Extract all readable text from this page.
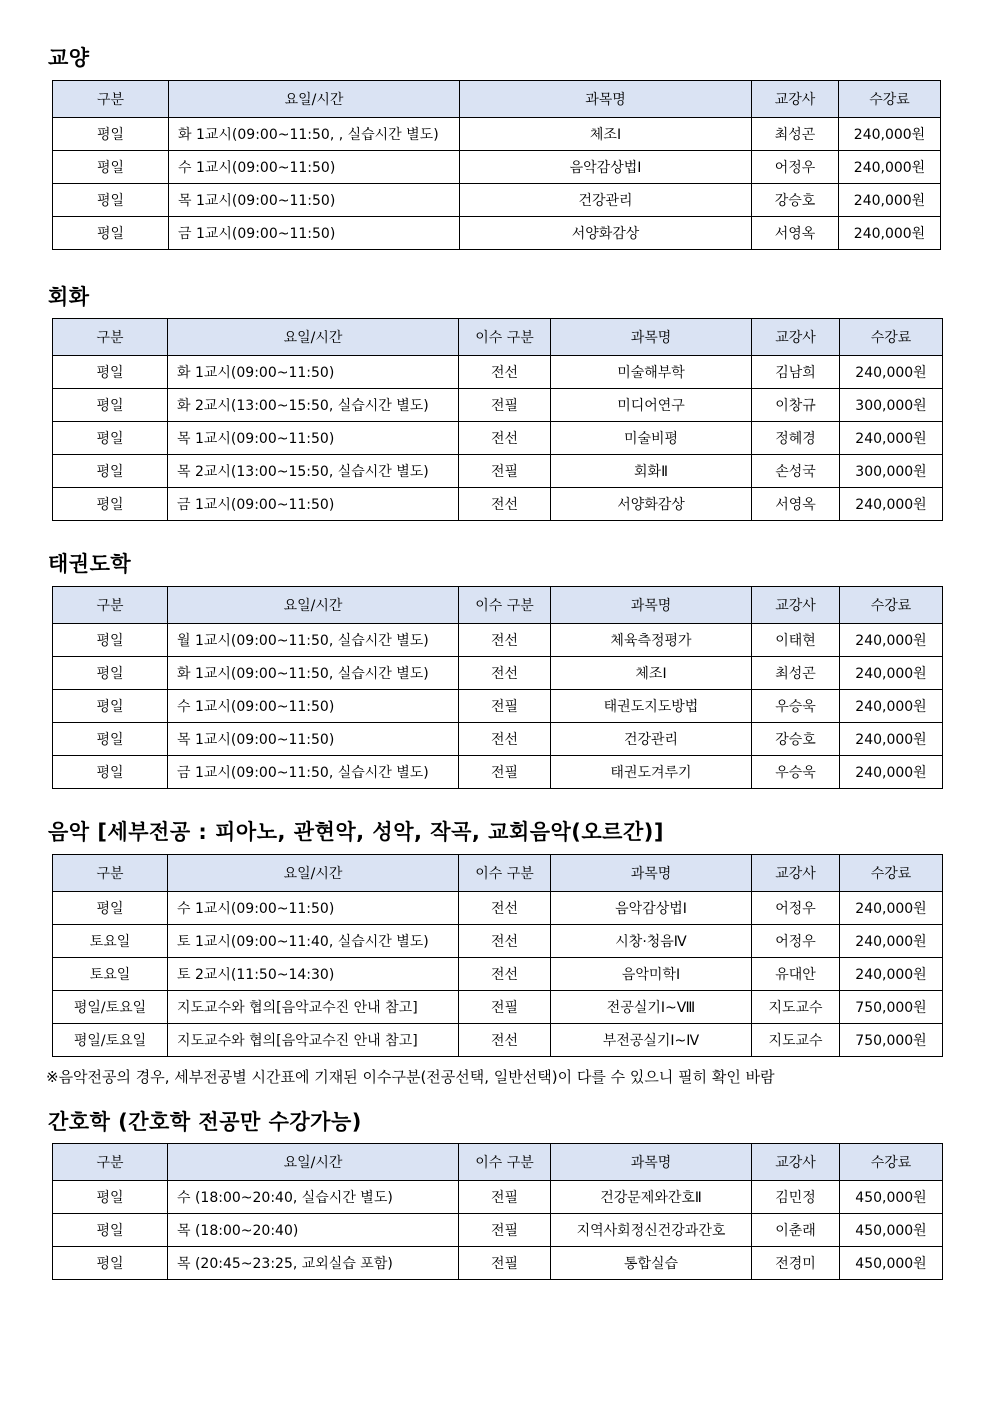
교양
구분	요일/시간	과목명	교강사	수강료
평일	화 1교시(09:00~11:50, , 실습시간 별도)	체조Ⅰ	최성곤	240,000원
평일	수 1교시(09:00~11:50)	음악감상법Ⅰ	어정우	240,000원
평일	목 1교시(09:00~11:50)	건강관리	강승호	240,000원
평일	금 1교시(09:00~11:50)	서양화감상	서영옥	240,000원
회화
구분	요일/시간	이수 구분	과목명	교강사	수강료
평일	화 1교시(09:00~11:50)	전선	미술해부학	김남희	240,000원
평일	화 2교시(13:00~15:50, 실습시간 별도)	전필	미디어연구	이창규	300,000원
평일	목 1교시(09:00~11:50)	전선	미술비평	정혜경	240,000원
평일	목 2교시(13:00~15:50, 실습시간 별도)	전필	회화Ⅱ	손성국	300,000원
평일	금 1교시(09:00~11:50)	전선	서양화감상	서영옥	240,000원
태권도학
구분	요일/시간	이수 구분	과목명	교강사	수강료
평일	월 1교시(09:00~11:50, 실습시간 별도)	전선	체육측정평가	이태현	240,000원
평일	화 1교시(09:00~11:50, 실습시간 별도)	전선	체조Ⅰ	최성곤	240,000원
평일	수 1교시(09:00~11:50)	전필	태권도지도방법	우승욱	240,000원
평일	목 1교시(09:00~11:50)	전선	건강관리	강승호	240,000원
평일	금 1교시(09:00~11:50, 실습시간 별도)	전필	태권도겨루기	우승욱	240,000원
음악 [세부전공 : 피아노, 관현악, 성악, 작곡, 교회음악(오르간)]
구분	요일/시간	이수 구분	과목명	교강사	수강료
평일	수 1교시(09:00~11:50)	전선	음악감상법Ⅰ	어정우	240,000원
토요일	토 1교시(09:00~11:40, 실습시간 별도)	전선	시창·청음Ⅳ	어정우	240,000원
토요일	토 2교시(11:50~14:30)	전선	음악미학Ⅰ	유대안	240,000원
평일/토요일	지도교수와 협의[음악교수진 안내 참고]	전필	전공실기Ⅰ~Ⅷ	지도교수	750,000원
평일/토요일	지도교수와 협의[음악교수진 안내 참고]	전선	부전공실기Ⅰ~Ⅳ	지도교수	750,000원
※음악전공의 경우, 세부전공별 시간표에 기재된 이수구분(전공선택, 일반선택)이 다를 수 있으니 필히 확인 바람
간호학 (간호학 전공만 수강가능)
구분	요일/시간	이수 구분	과목명	교강사	수강료
평일	수 (18:00~20:40, 실습시간 별도)	전필	건강문제와간호Ⅱ	김민정	450,000원
평일	목 (18:00~20:40)	전필	지역사회정신건강과간호	이춘래	450,000원
평일	목 (20:45~23:25, 교외실습 포함)	전필	통합실습	전경미	450,000원
